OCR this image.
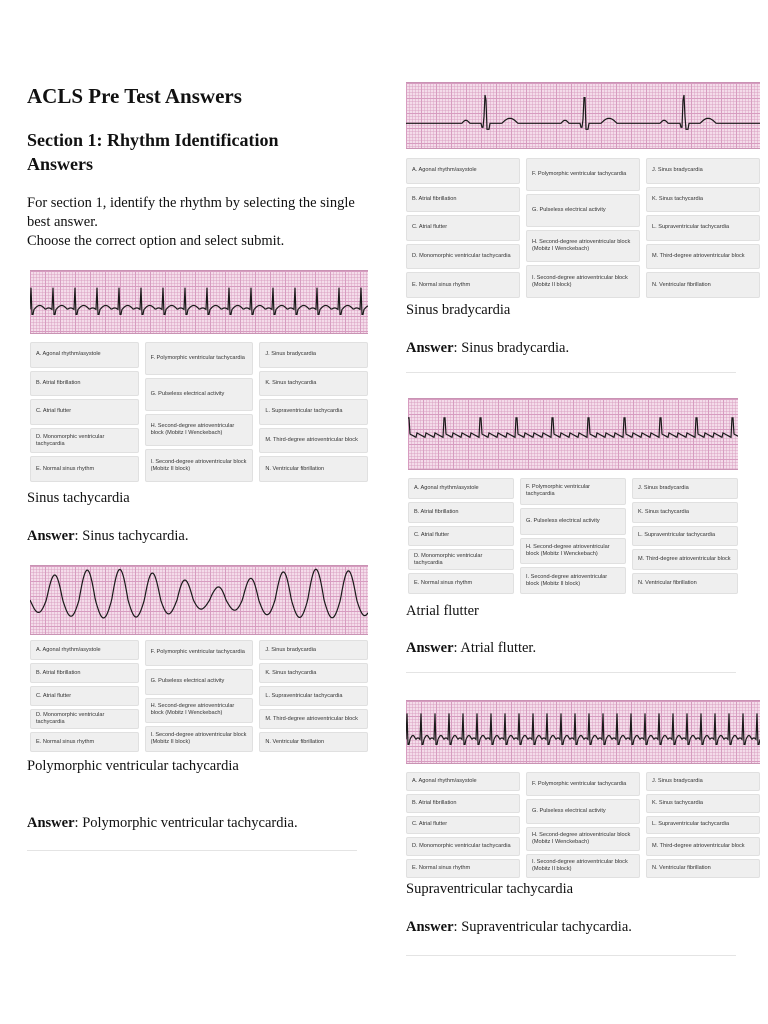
ACLS Pre Test Answers
Section 1: Rhythm Identification Answers
For section 1, identify the rhythm by selecting the single best answer.
Choose the correct option and select submit.
A. Agonal rhythm/asystole
B. Atrial fibrillation
C. Atrial flutter
D. Monomorphic ventricular tachycardia
E. Normal sinus rhythm
F. Polymorphic ventricular tachycardia
G. Pulseless electrical activity
H. Second-degree atrioventricular block (Mobitz I Wenckebach)
I. Second-degree atrioventricular block (Mobitz II block)
J. Sinus bradycardia
K. Sinus tachycardia
L. Supraventricular tachycardia
M. Third-degree atrioventricular block
N. Ventricular fibrillation

Sinus tachycardia

Answer: Sinus tachycardia.

A. Agonal rhythm/asystole
B. Atrial fibrillation
C. Atrial flutter
D. Monomorphic ventricular tachycardia
E. Normal sinus rhythm
F. Polymorphic ventricular tachycardia
G. Pulseless electrical activity
H. Second-degree atrioventricular block (Mobitz I Wenckebach)
I. Second-degree atrioventricular block (Mobitz II block)
J. Sinus bradycardia
K. Sinus tachycardia
L. Supraventricular tachycardia
M. Third-degree atrioventricular block
N. Ventricular fibrillation

Polymorphic ventricular tachycardia

Answer: Polymorphic ventricular tachycardia.

A. Agonal rhythm/asystole
B. Atrial fibrillation
C. Atrial flutter
D. Monomorphic ventricular tachycardia
E. Normal sinus rhythm
F. Polymorphic ventricular tachycardia
G. Pulseless electrical activity
H. Second-degree atrioventricular block (Mobitz I Wenckebach)
I. Second-degree atrioventricular block (Mobitz II block)
J. Sinus bradycardia
K. Sinus tachycardia
L. Supraventricular tachycardia
M. Third-degree atrioventricular block
N. Ventricular fibrillation

Sinus bradycardia

Answer: Sinus bradycardia.

A. Agonal rhythm/asystole
B. Atrial fibrillation
C. Atrial flutter
D. Monomorphic ventricular tachycardia
E. Normal sinus rhythm
F. Polymorphic ventricular tachycardia
G. Pulseless electrical activity
H. Second-degree atrioventricular block (Mobitz I Wenckebach)
I. Second-degree atrioventricular block (Mobitz II block)
J. Sinus bradycardia
K. Sinus tachycardia
L. Supraventricular tachycardia
M. Third-degree atrioventricular block
N. Ventricular fibrillation

Atrial flutter

Answer: Atrial flutter.

A. Agonal rhythm/asystole
B. Atrial fibrillation
C. Atrial flutter
D. Monomorphic ventricular tachycardia
E. Normal sinus rhythm
F. Polymorphic ventricular tachycardia
G. Pulseless electrical activity
H. Second-degree atrioventricular block (Mobitz I Wenckebach)
I. Second-degree atrioventricular block (Mobitz II block)
J. Sinus bradycardia
K. Sinus tachycardia
L. Supraventricular tachycardia
M. Third-degree atrioventricular block
N. Ventricular fibrillation

Supraventricular tachycardia

Answer: Supraventricular tachycardia.
